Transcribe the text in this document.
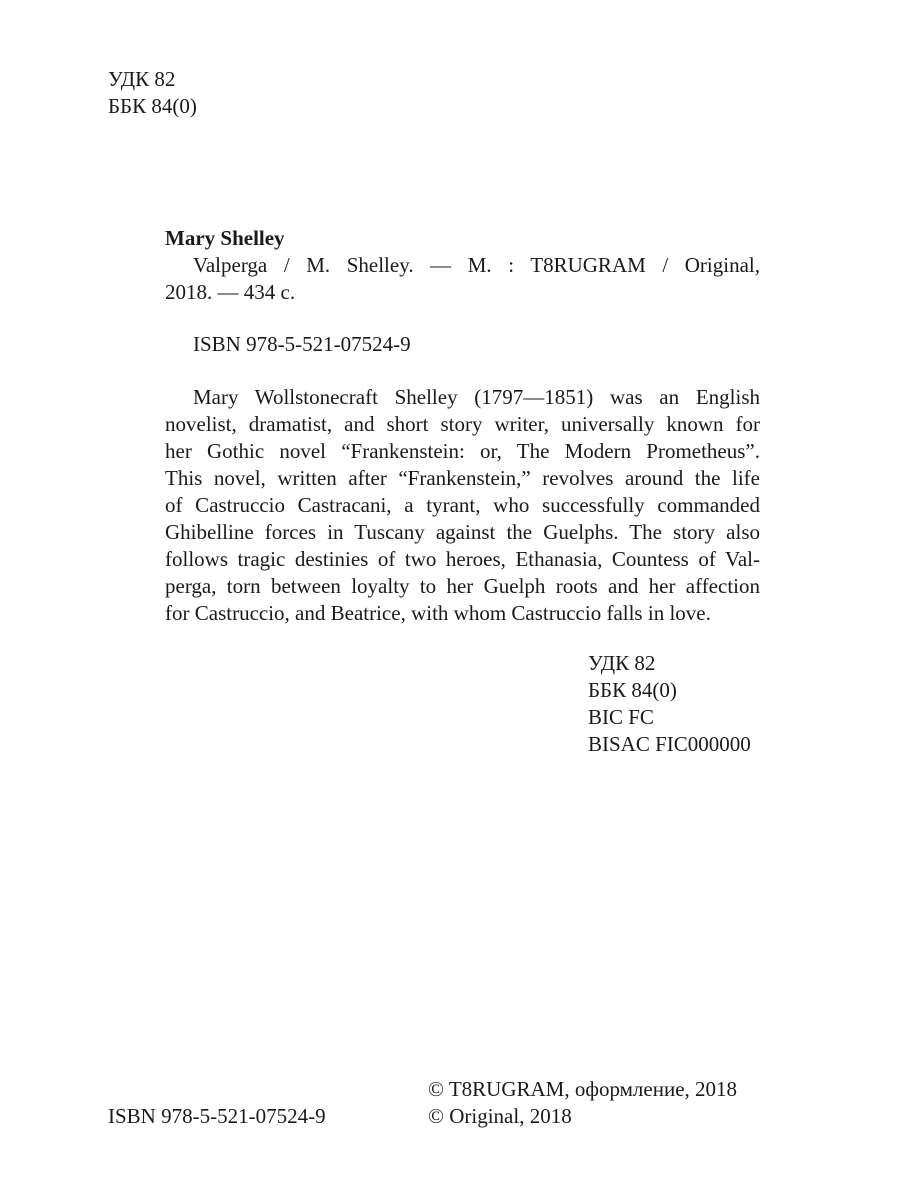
УДК 82
ББК 84(0)
Mary Shelley
Valperga / M. Shelley. — M. : T8RUGRAM / Original,
2018. — 434 с.
ISBN 978-5-521-07524-9
Mary Wollstonecraft Shelley (1797—1851) was an English
novelist, dramatist, and short story writer, universally known for
her Gothic novel “Frankenstein: or, The Modern Prometheus”.
This novel, written after “Frankenstein,” revolves around the life
of Castruccio Castracani, a tyrant, who successfully commanded
Ghibelline forces in Tuscany against the Guelphs. The story also
follows tragic destinies of two heroes, Ethanasia, Countess of Val-
perga, torn between loyalty to her Guelph roots and her affection
for Castruccio, and Beatrice, with whom Castruccio falls in love.
УДК 82
ББК 84(0)
BIC FC
BISAC FIC000000
ISBN 978-5-521-07524-9
© T8RUGRAM, оформление, 2018
© Original, 2018
